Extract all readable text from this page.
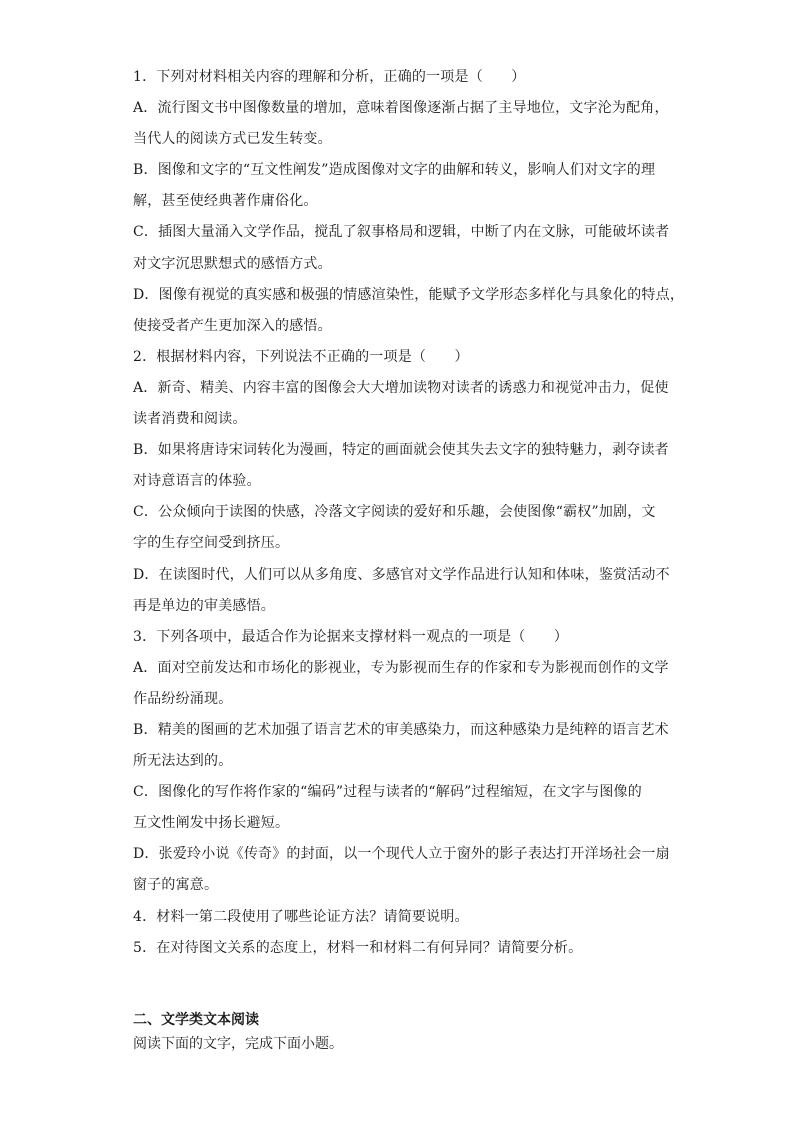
1．下列对材料相关内容的理解和分析，正确的一项是（　　）
A．流行图文书中图像数量的增加，意味着图像逐渐占据了主导地位，文字沦为配角，
当代人的阅读方式已发生转变。
B．图像和文字的“互文性阐发”造成图像对文字的曲解和转义，影响人们对文字的理
解，甚至使经典著作庸俗化。
C．插图大量涌入文学作品，搅乱了叙事格局和逻辑，中断了内在文脉，可能破坏读者
对文字沉思默想式的感悟方式。
D．图像有视觉的真实感和极强的情感渲染性，能赋予文学形态多样化与具象化的特点，
使接受者产生更加深入的感悟。
2．根据材料内容，下列说法不正确的一项是（　　）
A．新奇、精美、内容丰富的图像会大大增加读物对读者的诱惑力和视觉冲击力，促使
读者消费和阅读。
B．如果将唐诗宋词转化为漫画，特定的画面就会使其失去文字的独特魅力，剥夺读者
对诗意语言的体验。
C．公众倾向于读图的快感，冷落文字阅读的爱好和乐趣，会使图像“霸权”加剧，文
字的生存空间受到挤压。
D．在读图时代，人们可以从多角度、多感官对文学作品进行认知和体味，鉴赏活动不
再是单边的审美感悟。
3．下列各项中，最适合作为论据来支撑材料一观点的一项是（　　）
A．面对空前发达和市场化的影视业，专为影视而生存的作家和专为影视而创作的文学
作品纷纷涌现。
B．精美的图画的艺术加强了语言艺术的审美感染力，而这种感染力是纯粹的语言艺术
所无法达到的。
C．图像化的写作将作家的“编码”过程与读者的“解码”过程缩短，在文字与图像的
互文性阐发中扬长避短。
D．张爱玲小说《传奇》的封面，以一个现代人立于窗外的影子表达打开洋场社会一扇
窗子的寓意。
4．材料一第二段使用了哪些论证方法？请简要说明。
5．在对待图文关系的态度上，材料一和材料二有何异同？请简要分析。
二、文学类文本阅读
阅读下面的文字，完成下面小题。
